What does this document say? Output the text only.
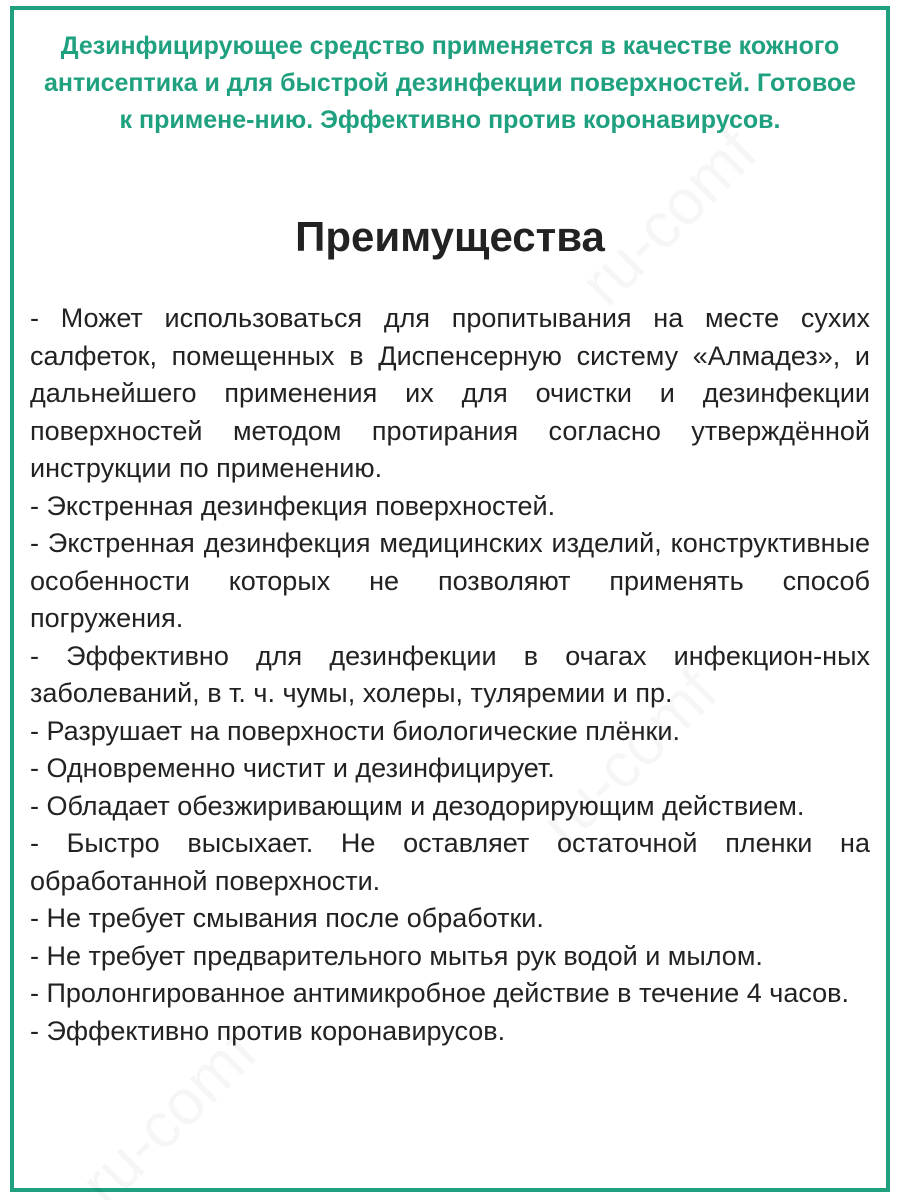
Дезинфицирующее средство применяется в качестве кожного антисептика и для быстрой дезинфекции поверхностей. Готовое к примене-нию. Эффективно против коронавирусов.

Преимущества
- Может использоваться для пропитывания на месте сухих салфеток, помещенных в Диспенсерную систему «Алмадез», и дальнейшего применения их для очистки и дезинфекции поверхностей методом протирания согласно утверждённой инструкции по применению.
- Экстренная дезинфекция поверхностей.
- Экстренная дезинфекция медицинских изделий, конструктивные особенности которых не позволяют применять способ погружения.
- Эффективно для дезинфекции в очагах инфекцион-ных заболеваний, в т. ч. чумы, холеры, туляремии и пр.
- Разрушает на поверхности биологические плёнки.
- Одновременно чистит и дезинфицирует.
- Обладает обезжиривающим и дезодорирующим действием.
- Быстро высыхает. Не оставляет остаточной пленки на обработанной поверхности.
- Не требует смывания после обработки.
- Не требует предварительного мытья рук водой и мылом.
- Пролонгированное антимикробное действие в течение 4 часов.
- Эффективно против коронавирусов.
